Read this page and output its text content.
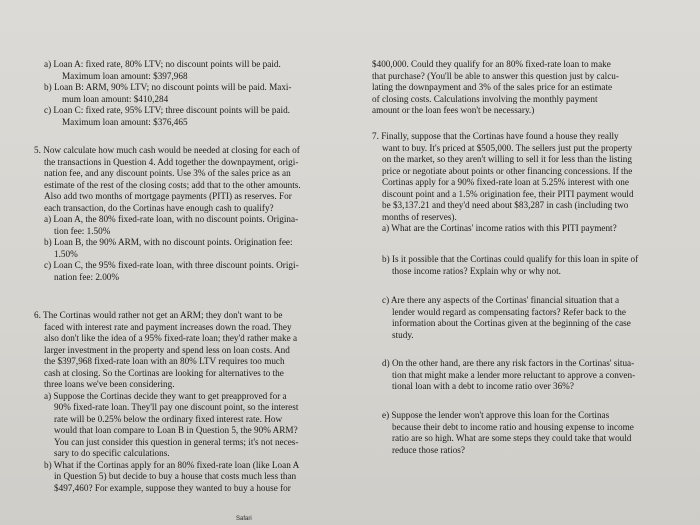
a) Loan A: fixed rate, 80% LTV; no discount points will be paid.
Maximum loan amount: $397,968
b) Loan B: ARM, 90% LTV; no discount points will be paid. Maxi-
mum loan amount: $410,284
c) Loan C: fixed rate, 95% LTV; three discount points will be paid.
Maximum loan amount: $376,465
5. Now calculate how much cash would be needed at closing for each of
the transactions in Question 4. Add together the downpayment, origi-
nation fee, and any discount points. Use 3% of the sales price as an
estimate of the rest of the closing costs; add that to the other amounts.
Also add two months of mortgage payments (PITI) as reserves. For
each transaction, do the Cortinas have enough cash to qualify?
a) Loan A, the 80% fixed-rate loan, with no discount points. Origina-
tion fee: 1.50%
b) Loan B, the 90% ARM, with no discount points. Origination fee:
1.50%
c) Loan C, the 95% fixed-rate loan, with three discount points. Origi-
nation fee: 2.00%
6. The Cortinas would rather not get an ARM; they don't want to be
faced with interest rate and payment increases down the road. They
also don't like the idea of a 95% fixed-rate loan; they'd rather make a
larger investment in the property and spend less on loan costs. And
the $397,968 fixed-rate loan with an 80% LTV requires too much
cash at closing. So the Cortinas are looking for alternatives to the
three loans we've been considering.
a) Suppose the Cortinas decide they want to get preapproved for a
90% fixed-rate loan. They'll pay one discount point, so the interest
rate will be 0.25% below the ordinary fixed interest rate. How
would that loan compare to Loan B in Question 5, the 90% ARM?
You can just consider this question in general terms; it's not neces-
sary to do specific calculations.
b) What if the Cortinas apply for an 80% fixed-rate loan (like Loan A
in Question 5) but decide to buy a house that costs much less than
$497,460? For example, suppose they wanted to buy a house for
$400,000. Could they qualify for an 80% fixed-rate loan to make
that purchase? (You'll be able to answer this question just by calcu-
lating the downpayment and 3% of the sales price for an estimate
of closing costs. Calculations involving the monthly payment
amount or the loan fees won't be necessary.)
7. Finally, suppose that the Cortinas have found a house they really
want to buy. It's priced at $505,000. The sellers just put the property
on the market, so they aren't willing to sell it for less than the listing
price or negotiate about points or other financing concessions. If the
Cortinas apply for a 90% fixed-rate loan at 5.25% interest with one
discount point and a 1.5% origination fee, their PITI payment would
be $3,137.21 and they'd need about $83,287 in cash (including two
months of reserves).
a) What are the Cortinas' income ratios with this PITI payment?
b) Is it possible that the Cortinas could qualify for this loan in spite of
those income ratios? Explain why or why not.
c) Are there any aspects of the Cortinas' financial situation that a
lender would regard as compensating factors? Refer back to the
information about the Cortinas given at the beginning of the case
study.
d) On the other hand, are there any risk factors in the Cortinas' situa-
tion that might make a lender more reluctant to approve a conven-
tional loan with a debt to income ratio over 36%?
e) Suppose the lender won't approve this loan for the Cortinas
because their debt to income ratio and housing expense to income
ratio are so high. What are some steps they could take that would
reduce those ratios?
Safari
